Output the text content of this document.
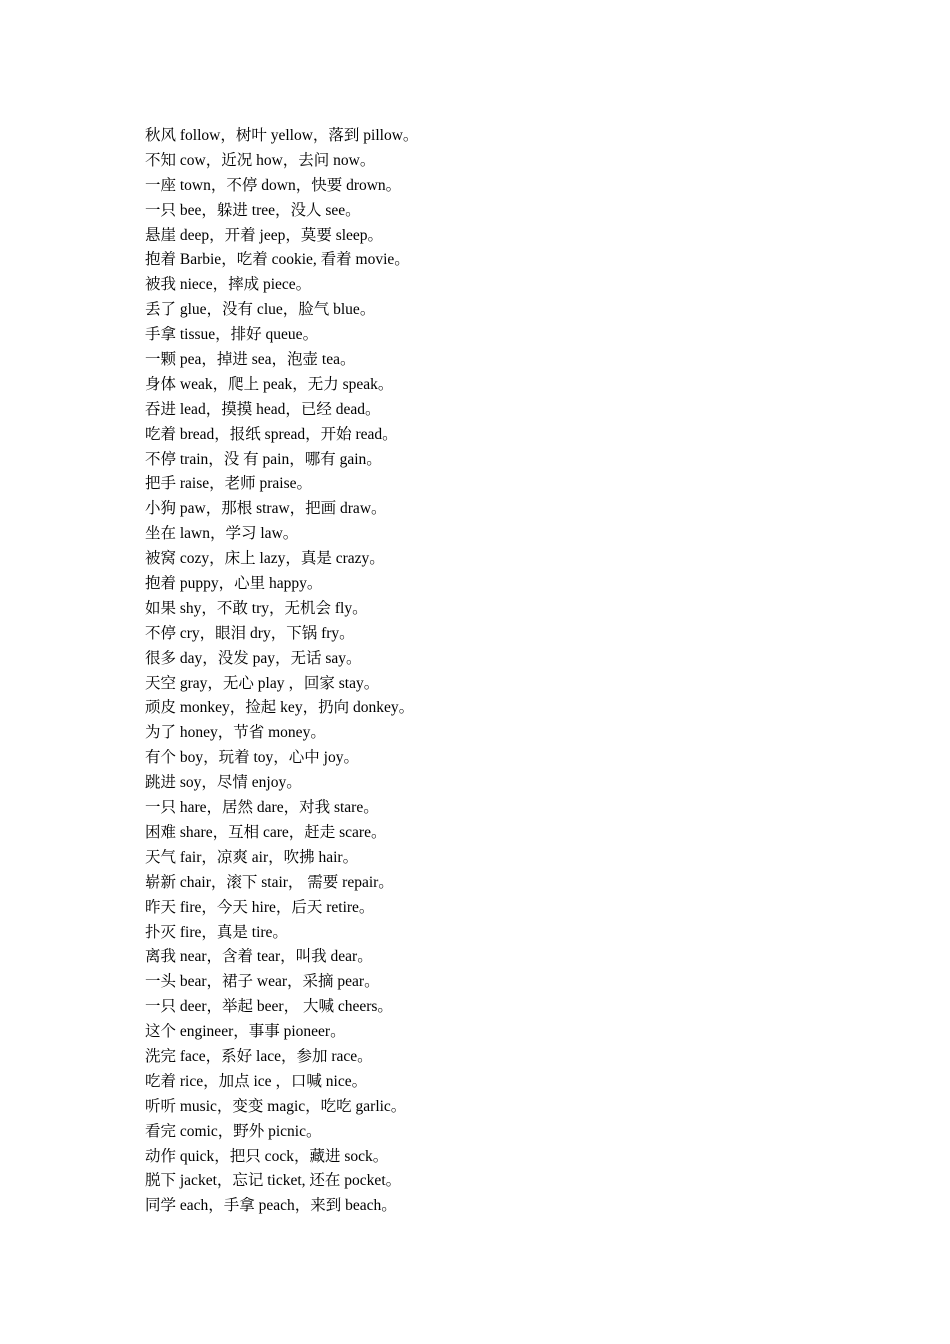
秋风 follow，树叶 yellow，落到 pillow。
不知 cow，近况 how，去问 now。
一座 town，不停 down，快要 drown。
一只 bee，躲进 tree，没人 see。
悬崖 deep，开着 jeep，莫要 sleep。
抱着 Barbie，吃着 cookie, 看着 movie。
被我 niece，摔成 piece。
丢了 glue，没有 clue，脸气 blue。
手拿 tissue，排好 queue。
一颗 pea，掉进 sea，泡壶 tea。
身体 weak，爬上 peak，无力 speak。
吞进 lead，摸摸 head，已经 dead。
吃着 bread，报纸 spread，开始 read。
不停 train，没 有 pain，哪有 gain。
把手 raise，老师 praise。
小狗 paw，那根 straw，把画 draw。
坐在 lawn，学习 law。
被窝 cozy，床上 lazy，真是 crazy。
抱着 puppy，心里 happy。
如果 shy，不敢 try，无机会 fly。
不停 cry，眼泪 dry，下锅 fry。
很多 day，没发 pay，无话 say。
天空 gray，无心 play ，回家 stay。
顽皮 monkey，捡起 key，扔向 donkey。
为了 honey，节省 money。
有个 boy，玩着 toy，心中 joy。
跳进 soy，尽情 enjoy。
一只 hare，居然 dare，对我 stare。
困难 share，互相 care，赶走 scare。
天气 fair，凉爽 air，吹拂 hair。
崭新 chair，滚下 stair， 需要 repair。
昨天 fire，今天 hire，后天 retire。
扑灭 fire，真是 tire。
离我 near，含着 tear，叫我 dear。
一头 bear，裙子 wear，采摘 pear。
一只 deer，举起 beer， 大喊 cheers。
这个 engineer，事事 pioneer。
洗完 face，系好 lace，参加 race。
吃着 rice，加点 ice ，口喊 nice。
听听 music，变变 magic，吃吃 garlic。
看完 comic，野外 picnic。
动作 quick，把只 cock，藏进 sock。
脱下 jacket，忘记 ticket, 还在 pocket。
同学 each，手拿 peach，来到 beach。
